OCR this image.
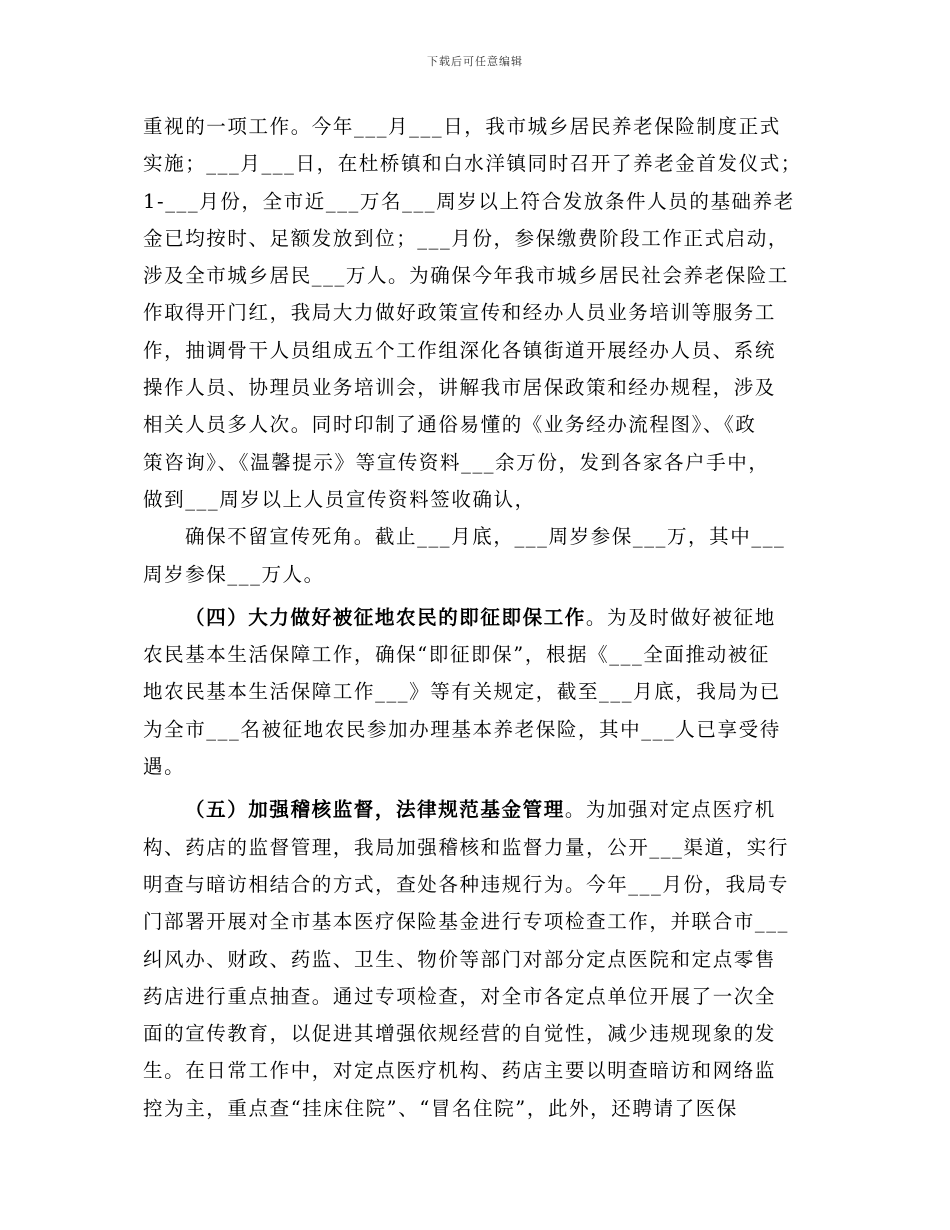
下载后可任意编辑
重视的一项工作。今年___月___日，我市城乡居民养老保险制度正式
实施；___月___日，在杜桥镇和白水洋镇同时召开了养老金首发仪式；
1-___月份，全市近___万名___周岁以上符合发放条件人员的基础养老
金已均按时、足额发放到位；___月份，参保缴费阶段工作正式启动，
涉及全市城乡居民___万人。为确保今年我市城乡居民社会养老保险工
作取得开门红，我局大力做好政策宣传和经办人员业务培训等服务工
作，抽调骨干人员组成五个工作组深化各镇街道开展经办人员、系统
操作人员、协理员业务培训会，讲解我市居保政策和经办规程，涉及
相关人员多人次。同时印制了通俗易懂的《业务经办流程图》、《政
策咨询》、《温馨提示》等宣传资料___余万份，发到各家各户手中，
做到___周岁以上人员宣传资料签收确认，
确保不留宣传死角。截止___月底，___周岁参保___万，其中___
周岁参保___万人。
（四）大力做好被征地农民的即征即保工作。为及时做好被征地
农民基本生活保障工作，确保“即征即保”，根据《___全面推动被征
地农民基本生活保障工作___》等有关规定，截至___月底，我局为已
为全市___名被征地农民参加办理基本养老保险，其中___人已享受待
遇。
（五）加强稽核监督，法律规范基金管理。为加强对定点医疗机
构、药店的监督管理，我局加强稽核和监督力量，公开___渠道，实行
明查与暗访相结合的方式，查处各种违规行为。今年___月份，我局专
门部署开展对全市基本医疗保险基金进行专项检查工作，并联合市___
纠风办、财政、药监、卫生、物价等部门对部分定点医院和定点零售
药店进行重点抽查。通过专项检查，对全市各定点单位开展了一次全
面的宣传教育，以促进其增强依规经营的自觉性，减少违规现象的发
生。在日常工作中，对定点医疗机构、药店主要以明查暗访和网络监
控为主，重点查“挂床住院”、“冒名住院”，此外，还聘请了医保
